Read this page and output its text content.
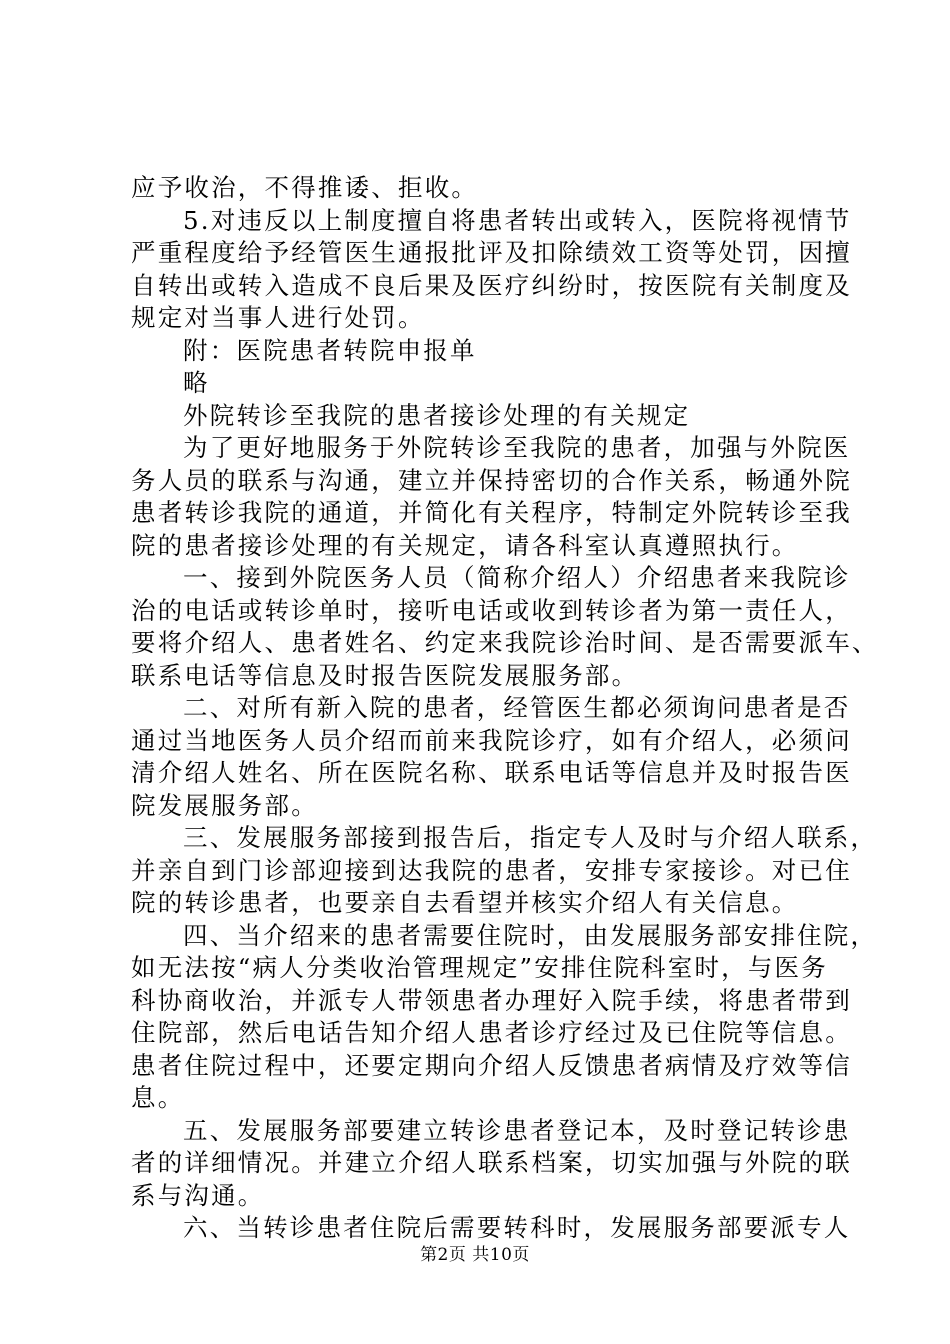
应予收治，不得推诿、拒收。
5.对违反以上制度擅自将患者转出或转入，医院将视情节
严重程度给予经管医生通报批评及扣除绩效工资等处罚，因擅
自转出或转入造成不良后果及医疗纠纷时，按医院有关制度及
规定对当事人进行处罚。
附：医院患者转院申报单
略
外院转诊至我院的患者接诊处理的有关规定
为了更好地服务于外院转诊至我院的患者，加强与外院医
务人员的联系与沟通，建立并保持密切的合作关系，畅通外院
患者转诊我院的通道，并简化有关程序，特制定外院转诊至我
院的患者接诊处理的有关规定，请各科室认真遵照执行。
一、接到外院医务人员（简称介绍人）介绍患者来我院诊
治的电话或转诊单时，接听电话或收到转诊者为第一责任人，
要将介绍人、患者姓名、约定来我院诊治时间、是否需要派车、
联系电话等信息及时报告医院发展服务部。
二、对所有新入院的患者，经管医生都必须询问患者是否
通过当地医务人员介绍而前来我院诊疗，如有介绍人，必须问
清介绍人姓名、所在医院名称、联系电话等信息并及时报告医
院发展服务部。
三、发展服务部接到报告后，指定专人及时与介绍人联系，
并亲自到门诊部迎接到达我院的患者，安排专家接诊。对已住
院的转诊患者，也要亲自去看望并核实介绍人有关信息。
四、当介绍来的患者需要住院时，由发展服务部安排住院，
如无法按“病人分类收治管理规定”安排住院科室时，与医务
科协商收治，并派专人带领患者办理好入院手续，将患者带到
住院部，然后电话告知介绍人患者诊疗经过及已住院等信息。
患者住院过程中，还要定期向介绍人反馈患者病情及疗效等信
息。
五、发展服务部要建立转诊患者登记本，及时登记转诊患
者的详细情况。并建立介绍人联系档案，切实加强与外院的联
系与沟通。
六、当转诊患者住院后需要转科时，发展服务部要派专人
第2页 共10页
